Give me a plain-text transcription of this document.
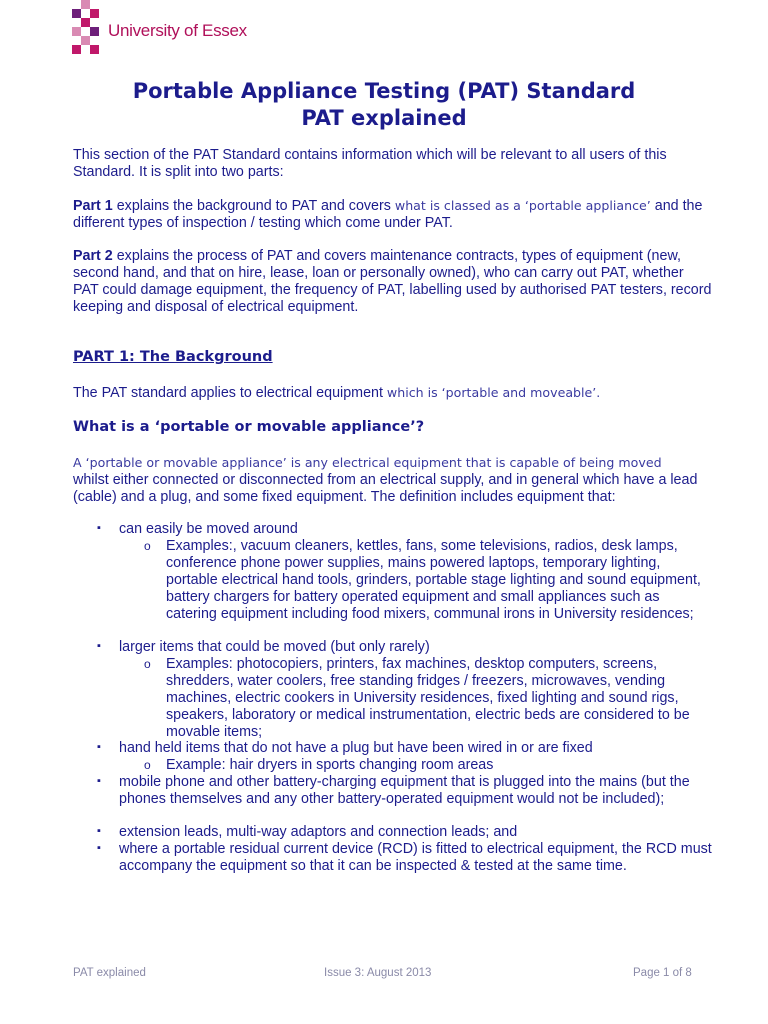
University of Essex
Portable Appliance Testing (PAT) Standard
PAT explained
This section of the PAT Standard contains information which will be relevant to all users of this Standard. It is split into two parts:
Part 1 explains the background to PAT and covers what is classed as a ‘portable appliance’ and the different types of inspection / testing which come under PAT.
Part 2 explains the process of PAT and covers maintenance contracts, types of equipment (new, second hand, and that on hire, lease, loan or personally owned), who can carry out PAT, whether PAT could damage equipment, the frequency of PAT, labelling used by authorised PAT testers, record keeping and disposal of electrical equipment.
PART 1: The Background
The PAT standard applies to electrical equipment which is ‘portable and moveable’.
What is a ‘portable or movable appliance’?
A ‘portable or movable appliance’ is any electrical equipment that is capable of being moved
whilst either connected or disconnected from an electrical supply, and in general which have a lead (cable) and a plug, and some fixed equipment. The definition includes equipment that:
▪ can easily be moved around
o Examples:, vacuum cleaners, kettles, fans, some televisions, radios, desk lamps, conference phone power supplies, mains powered laptops, temporary lighting, portable electrical hand tools, grinders, portable stage lighting and sound equipment, battery chargers for battery operated equipment and small appliances such as catering equipment including food mixers, communal irons in University residences;
▪ larger items that could be moved (but only rarely)
o Examples: photocopiers, printers, fax machines, desktop computers, screens, shredders, water coolers, free standing fridges / freezers, microwaves, vending machines, electric cookers in University residences, fixed lighting and sound rigs, speakers, laboratory or medical instrumentation, electric beds are considered to be movable items;
▪ hand held items that do not have a plug but have been wired in or are fixed
o Example: hair dryers in sports changing room areas
▪ mobile phone and other battery-charging equipment that is plugged into the mains (but the phones themselves and any other battery-operated equipment would not be included);
▪ extension leads, multi-way adaptors and connection leads; and
▪ where a portable residual current device (RCD) is fitted to electrical equipment, the RCD must accompany the equipment so that it can be inspected & tested at the same time.
PAT explained	Issue 3: August 2013	Page 1 of 8
